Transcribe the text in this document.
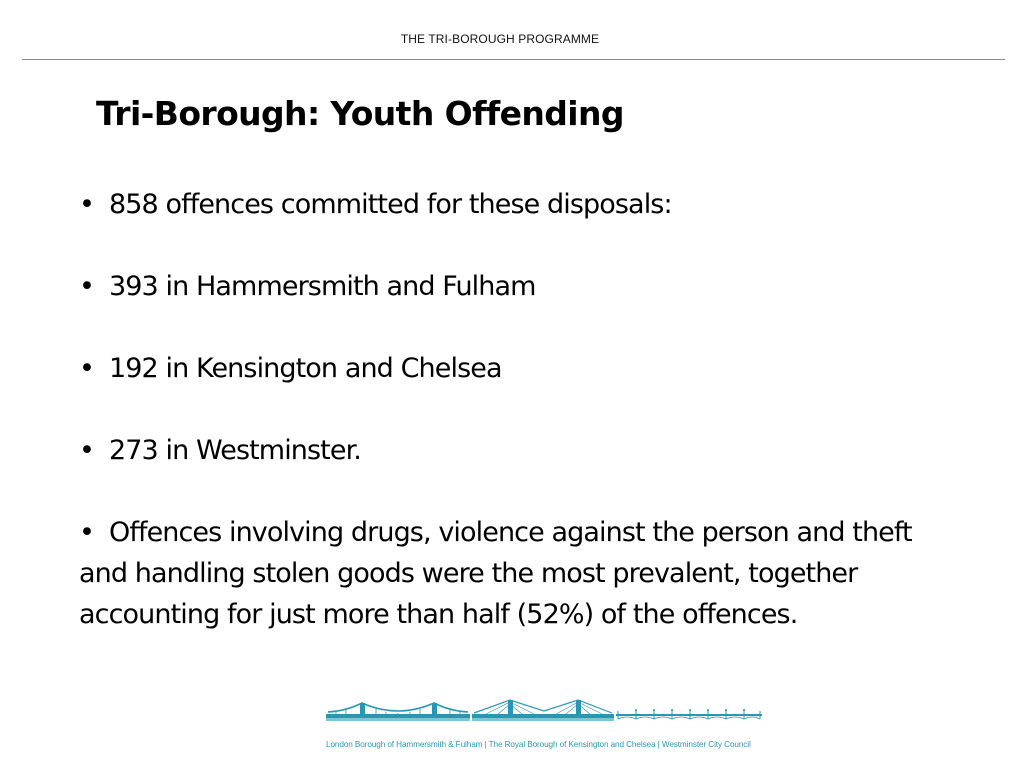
THE TRI-BOROUGH PROGRAMME
Tri-Borough: Youth Offending
• 858 offences committed for these disposals:
• 393 in Hammersmith and Fulham
• 192 in Kensington and Chelsea
• 273 in Westminster.
• Offences involving drugs, violence against the person and theft and handling stolen goods were the most prevalent, together accounting for just more than half (52%) of the offences.
London Borough of Hammersmith & Fulham | The Royal Borough of Kensington and Chelsea | Westminster City Council
